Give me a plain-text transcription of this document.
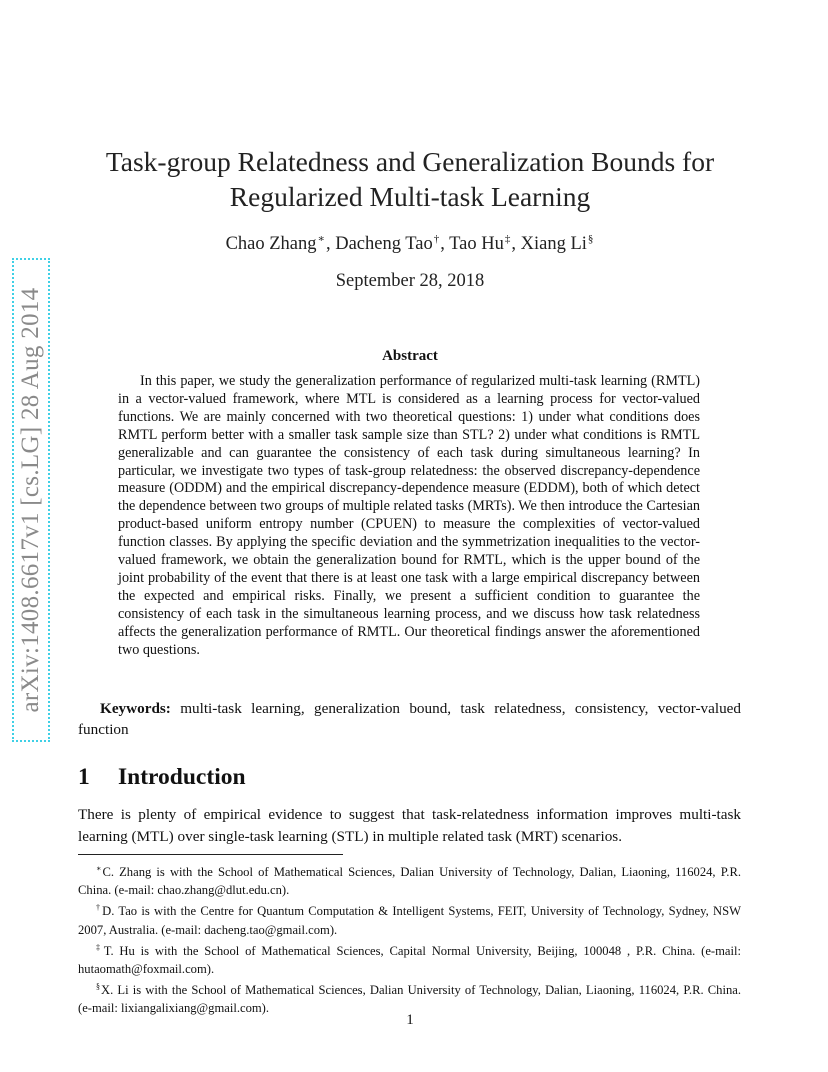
arXiv:1408.6617v1 [cs.LG] 28 Aug 2014
Task-group Relatedness and Generalization Bounds for
Regularized Multi-task Learning
Chao Zhang∗, Dacheng Tao†, Tao Hu‡, Xiang Li§
September 28, 2018
Abstract

In this paper, we study the generalization performance of regularized multi-task learning (RMTL) in a vector-valued framework, where MTL is considered as a learning process for vector-valued functions. We are mainly concerned with two theoretical questions: 1) under what conditions does RMTL perform better with a smaller task sample size than STL? 2) under what conditions is RMTL generalizable and can guarantee the consistency of each task during simultaneous learning? In particular, we investigate two types of task-group relatedness: the observed discrepancy-dependence measure (ODDM) and the empirical discrepancy-dependence measure (EDDM), both of which detect the dependence between two groups of multiple related tasks (MRTs). We then introduce the Cartesian product-based uniform entropy number (CPUEN) to measure the complexities of vector-valued function classes. By applying the specific deviation and the symmetrization inequalities to the vector-valued framework, we obtain the generalization bound for RMTL, which is the upper bound of the joint probability of the event that there is at least one task with a large empirical discrepancy between the expected and empirical risks. Finally, we present a sufficient condition to guarantee the consistency of each task in the simultaneous learning process, and we discuss how task relatedness affects the generalization performance of RMTL. Our theoretical findings answer the aforementioned two questions.

Keywords: multi-task learning, generalization bound, task relatedness, consistency, vector-valued function

1 Introduction

There is plenty of empirical evidence to suggest that task-relatedness information improves multi-task learning (MTL) over single-task learning (STL) in multiple related task (MRT) scenarios.

∗C. Zhang is with the School of Mathematical Sciences, Dalian University of Technology, Dalian, Liaoning, 116024, P.R. China. (e-mail: chao.zhang@dlut.edu.cn).

†D. Tao is with the Centre for Quantum Computation & Intelligent Systems, FEIT, University of Technology, Sydney, NSW 2007, Australia. (e-mail: dacheng.tao@gmail.com).

‡T. Hu is with the School of Mathematical Sciences, Capital Normal University, Beijing, 100048 , P.R. China. (e-mail: hutaomath@foxmail.com).

§X. Li is with the School of Mathematical Sciences, Dalian University of Technology, Dalian, Liaoning, 116024, P.R. China. (e-mail: lixiangalixiang@gmail.com).

1
